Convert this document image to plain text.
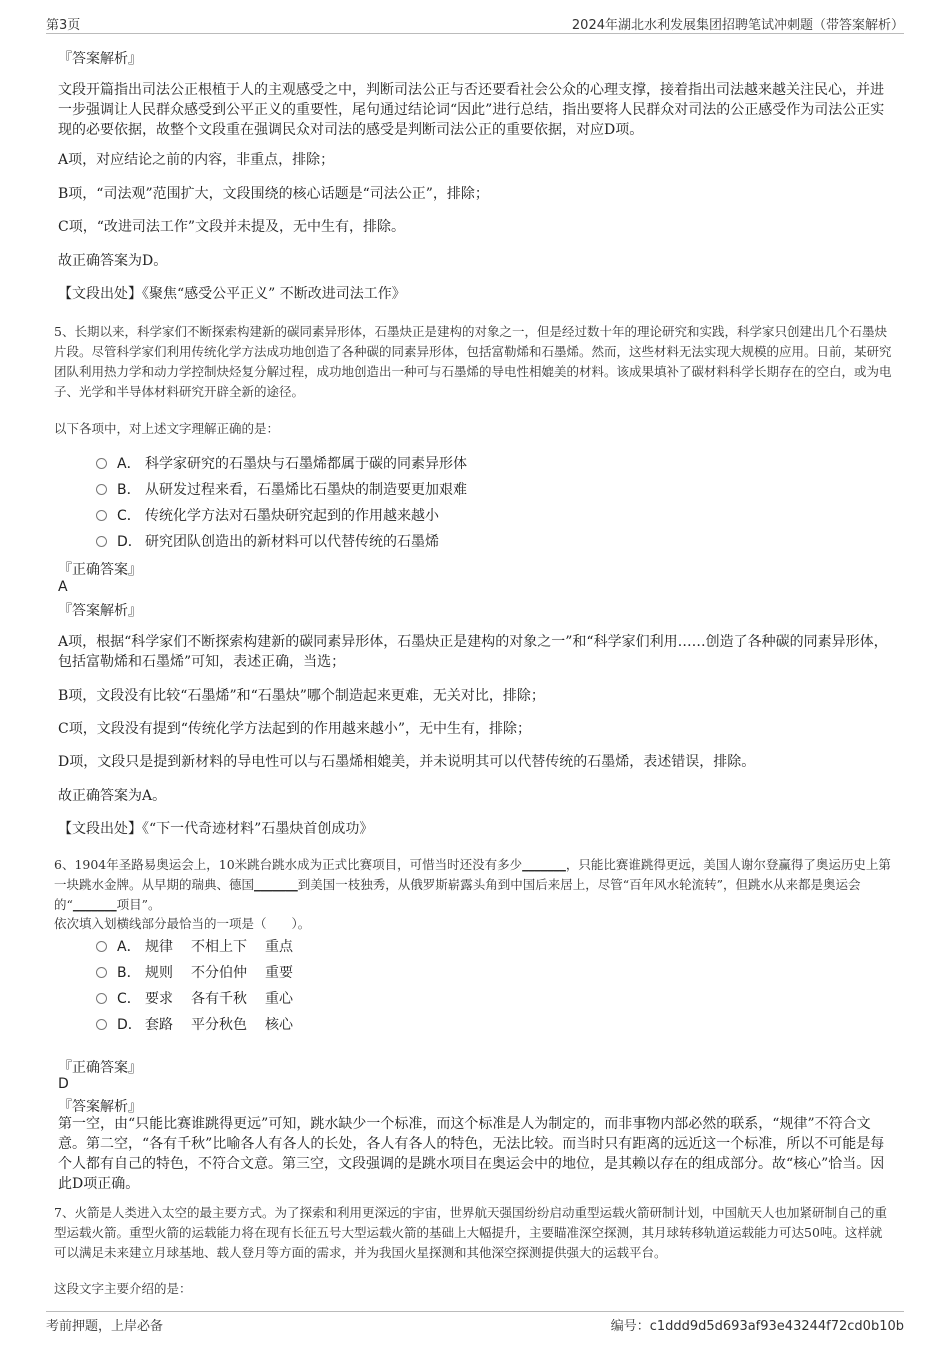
第3页	2024年湖北水利发展集团招聘笔试冲刺题（带答案解析）
『答案解析』
文段开篇指出司法公正根植于人的主观感受之中，判断司法公正与否还要看社会公众的心理支撑，接着指出司法越来越关注民心，并进一步强调让人民群众感受到公平正义的重要性，尾句通过结论词“因此”进行总结，指出要将人民群众对司法的公正感受作为司法公正实现的必要依据，故整个文段重在强调民众对司法的感受是判断司法公正的重要依据，对应D项。
A项，对应结论之前的内容，非重点，排除；
B项，“司法观”范围扩大，文段围绕的核心话题是“司法公正”，排除；
C项，“改进司法工作”文段并未提及，无中生有，排除。
故正确答案为D。
【文段出处】《聚焦“感受公平正义” 不断改进司法工作》
5、长期以来，科学家们不断探索构建新的碳同素异形体，石墨炔正是建构的对象之一，但是经过数十年的理论研究和实践，科学家只创建出几个石墨炔片段。尽管科学家们利用传统化学方法成功地创造了各种碳的同素异形体，包括富勒烯和石墨烯。然而，这些材料无法实现大规模的应用。日前，某研究团队利用热力学和动力学控制炔烃复分解过程，成功地创造出一种可与石墨烯的导电性相媲美的材料。该成果填补了碳材料科学长期存在的空白，或为电子、光学和半导体材料研究开辟全新的途径。
以下各项中，对上述文字理解正确的是：
A． 科学家研究的石墨炔与石墨烯都属于碳的同素异形体
B． 从研发过程来看，石墨烯比石墨炔的制造要更加艰难
C． 传统化学方法对石墨炔研究起到的作用越来越小
D． 研究团队创造出的新材料可以代替传统的石墨烯
『正确答案』
A
『答案解析』
A项，根据“科学家们不断探索构建新的碳同素异形体，石墨炔正是建构的对象之一”和“科学家们利用……创造了各种碳的同素异形体，包括富勒烯和石墨烯”可知，表述正确，当选；
B项，文段没有比较“石墨烯”和“石墨炔”哪个制造起来更难，无关对比，排除；
C项，文段没有提到“传统化学方法起到的作用越来越小”，无中生有，排除；
D项，文段只是提到新材料的导电性可以与石墨烯相媲美，并未说明其可以代替传统的石墨烯，表述错误，排除。
故正确答案为A。
【文段出处】《“下一代奇迹材料”石墨炔首创成功》
6、1904年圣路易奥运会上，10米跳台跳水成为正式比赛项目，可惜当时还没有多少_______，只能比赛谁跳得更远，美国人谢尔登赢得了奥运历史上第一块跳水金牌。从早期的瑞典、德国_______到美国一枝独秀，从俄罗斯崭露头角到中国后来居上，尽管“百年风水轮流转”，但跳水从来都是奥运会的“_______项目”。
依次填入划横线部分最恰当的一项是（　　）。
A． 规律 不相上下 重点
B． 规则 不分伯仲 重要
C． 要求 各有千秋 重心
D． 套路 平分秋色 核心
『正确答案』
D
『答案解析』
第一空，由“只能比赛谁跳得更远”可知，跳水缺少一个标准，而这个标准是人为制定的，而非事物内部必然的联系，“规律”不符合文意。第二空，“各有千秋”比喻各人有各人的长处，各人有各人的特色，无法比较。而当时只有距离的远近这一个标准，所以不可能是每个人都有自己的特色，不符合文意。第三空，文段强调的是跳水项目在奥运会中的地位，是其赖以存在的组成部分。故“核心”恰当。因此D项正确。
7、火箭是人类进入太空的最主要方式。为了探索和利用更深远的宇宙，世界航天强国纷纷启动重型运载火箭研制计划，中国航天人也加紧研制自己的重型运载火箭。重型火箭的运载能力将在现有长征五号大型运载火箭的基础上大幅提升，主要瞄准深空探测，其月球转移轨道运载能力可达50吨。这样就可以满足未来建立月球基地、载人登月等方面的需求，并为我国火星探测和其他深空探测提供强大的运载平台。
这段文字主要介绍的是：
考前押题，上岸必备	编号：c1ddd9d5d693af93e43244f72cd0b10b
